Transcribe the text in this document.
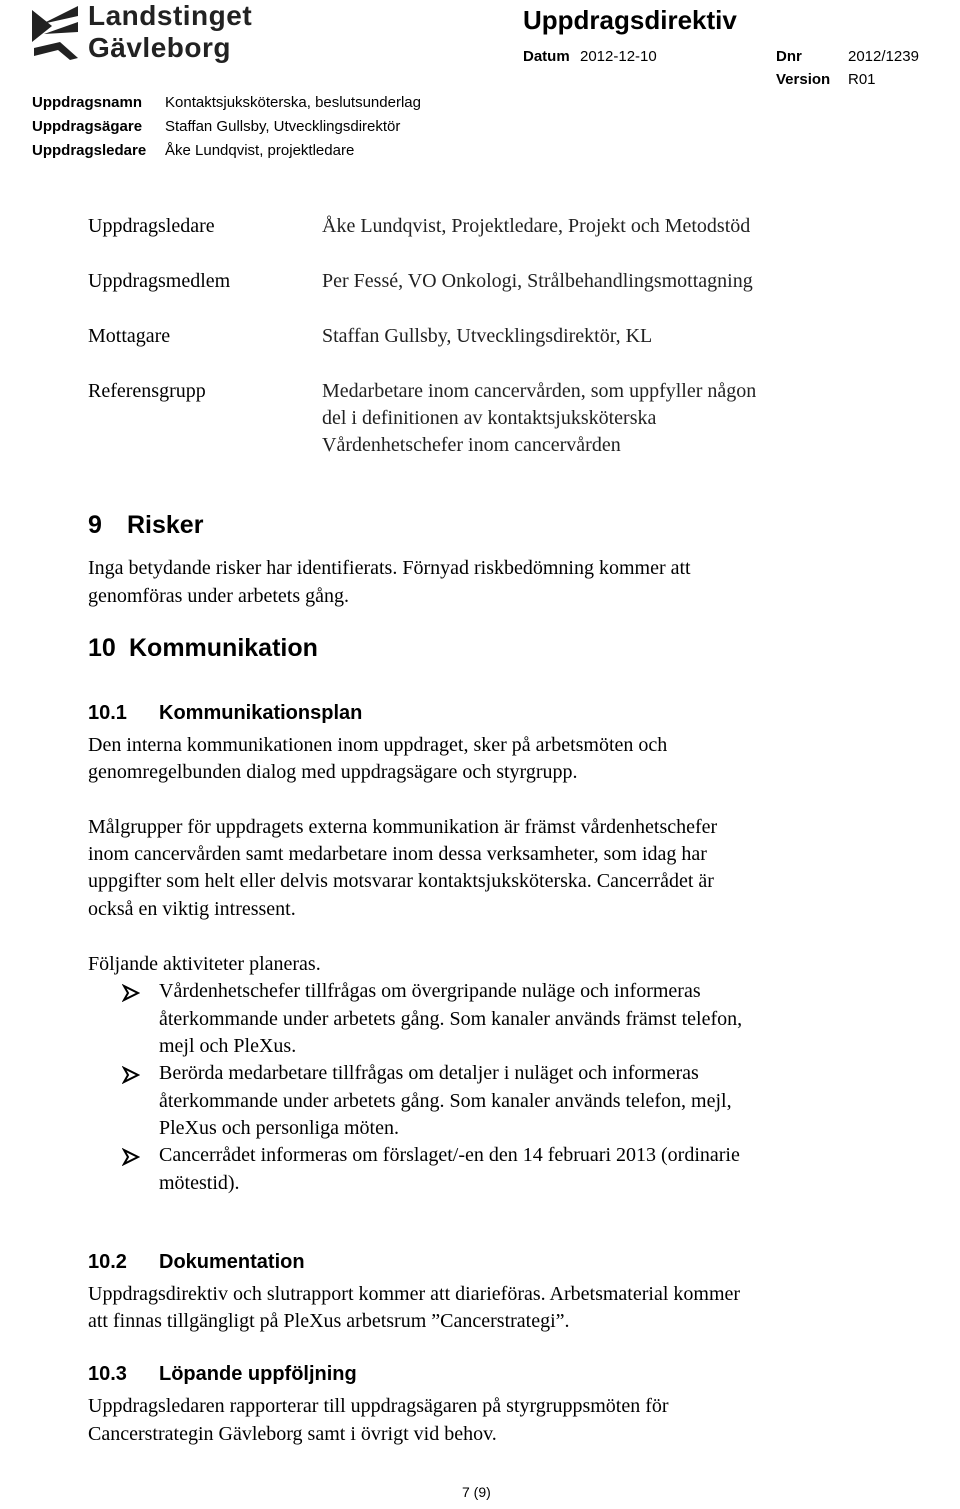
Landstinget
Gävleborg
Uppdragsdirektiv
Datum 2012-12-10	Dnr	2012/1239
Version R01
Uppdragsnamn Kontaktsjuksköterska, beslutsunderlag
Uppdragsägare Staffan Gullsby, Utvecklingsdirektör
Uppdragsledare Åke Lundqvist, projektledare
Uppdragsledare	Åke Lundqvist, Projektledare, Projekt och Metodstöd
Uppdragsmedlem	Per Fessé, VO Onkologi, Strålbehandlingsmottagning
Mottagare	Staffan Gullsby, Utvecklingsdirektör, KL
Referensgrupp	Medarbetare inom cancervården, som uppfyller någon
del i definitionen av kontaktsjuksköterska
Vårdenhetschefer inom cancervården
9 Risker
Inga betydande risker har identifierats. Förnyad riskbedömning kommer att
genomföras under arbetets gång.
10 Kommunikation
10.1 Kommunikationsplan
Den interna kommunikationen inom uppdraget, sker på arbetsmöten och
genomregelbunden dialog med uppdragsägare och styrgrupp.
Målgrupper för uppdragets externa kommunikation är främst vårdenhetschefer
inom cancervården samt medarbetare inom dessa verksamheter, som idag har
uppgifter som helt eller delvis motsvarar kontaktsjuksköterska. Cancerrådet är
också en viktig intressent.
Följande aktiviteter planeras.
Vårdenhetschefer tillfrågas om övergripande nuläge och informeras
återkommande under arbetets gång. Som kanaler används främst telefon,
mejl och PleXus.
Berörda medarbetare tillfrågas om detaljer i nuläget och informeras
återkommande under arbetets gång. Som kanaler används telefon, mejl,
PleXus och personliga möten.
Cancerrådet informeras om förslaget/-en den 14 februari 2013 (ordinarie
mötestid).
10.2 Dokumentation
Uppdragsdirektiv och slutrapport kommer att diarieföras. Arbetsmaterial kommer
att finnas tillgängligt på PleXus arbetsrum ”Cancerstrategi”.
10.3 Löpande uppföljning
Uppdragsledaren rapporterar till uppdragsägaren på styrgruppsmöten för
Cancerstrategin Gävleborg samt i övrigt vid behov.
7 (9)
